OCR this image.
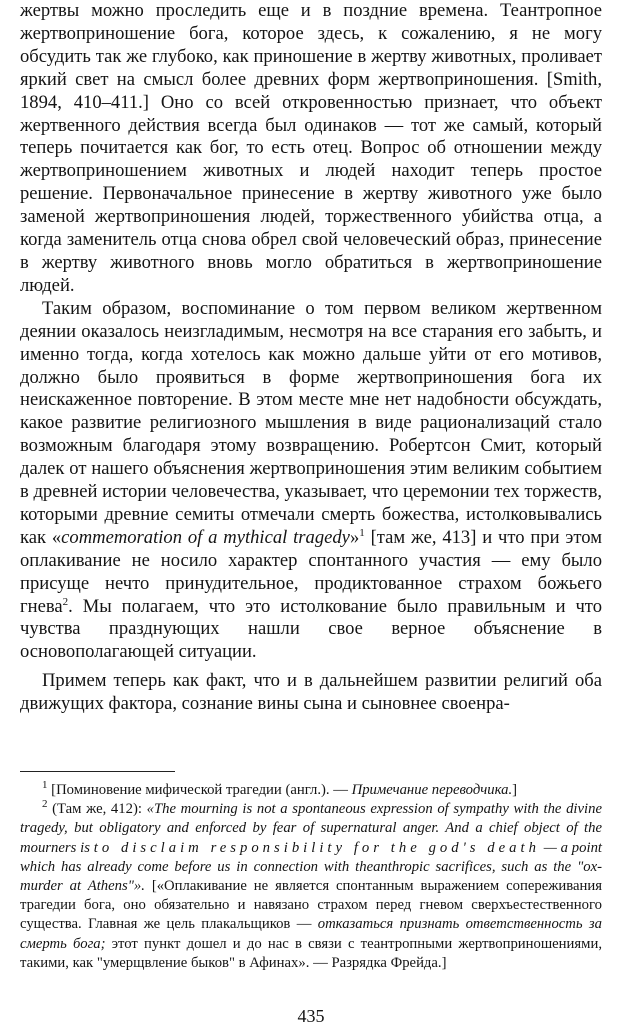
жертвы можно проследить еще и в поздние времена. Теантропное жертвоприношение бога, которое здесь, к сожалению, я не могу обсудить так же глубоко, как приношение в жертву животных, проливает яркий свет на смысл более древних форм жертвоприношения. [Smith, 1894, 410–411.] Оно со всей откровенностью признает, что объект жертвенного действия всегда был одинаков — тот же самый, который теперь почитается как бог, то есть отец. Вопрос об отношении между жертвоприношением животных и людей находит теперь простое решение. Первоначальное принесение в жертву животного уже было заменой жертвоприношения людей, торжественного убийства отца, а когда заменитель отца снова обрел свой человеческий образ, принесение в жертву животного вновь могло обратиться в жертвоприношение людей.

Таким образом, воспоминание о том первом великом жертвенном деянии оказалось неизгладимым, несмотря на все старания его забыть, и именно тогда, когда хотелось как можно дальше уйти от его мотивов, должно было проявиться в форме жертвоприношения бога их неискаженное повторение. В этом месте мне нет надобности обсуждать, какое развитие религиозного мышления в виде рационализаций стало возможным благодаря этому возвращению. Робертсон Смит, который далек от нашего объяснения жертвоприношения этим великим событием в древней истории человечества, указывает, что церемонии тех торжеств, которыми древние семиты отмечали смерть божества, истолковывались как «commemoration of a mythical tragedy»$^1$ [там же, 413] и что при этом оплакивание не носило характер спонтанного участия — ему было присуще нечто принудительное, продиктованное страхом божьего гнева$^2$. Мы полагаем, что это истолкование было правильным и что чувства празднующих нашли свое верное объяснение в основополагающей ситуации.

Примем теперь как факт, что и в дальнейшем развитии религий оба движущих фактора, сознание вины сына и сыновнее своенра-

$^1$ [Поминовение мифической трагедии (англ.). — Примечание переводчика.]

$^2$ (Там же, 412): «The mourning is not a spontaneous expression of sympathy with the divine tragedy, but obligatory and enforced by fear of supernatural anger. And a chief object of the mourners is to disclaim responsibility for the god's death — a point which has already come before us in connection with theanthropic sacrifices, such as the "ox-murder at Athens"». [«Оплакивание не является спонтанным выражением сопереживания трагедии бога, оно обязательно и навязано страхом перед гневом сверхъестественного существа. Главная же цель плакальщиков — отказаться признать ответственность за смерть бога; этот пункт дошел и до нас в связи с теантропными жертвоприношениями, такими, как "умерщвление быков" в Афинах». — Разрядка Фрейда.]

435
